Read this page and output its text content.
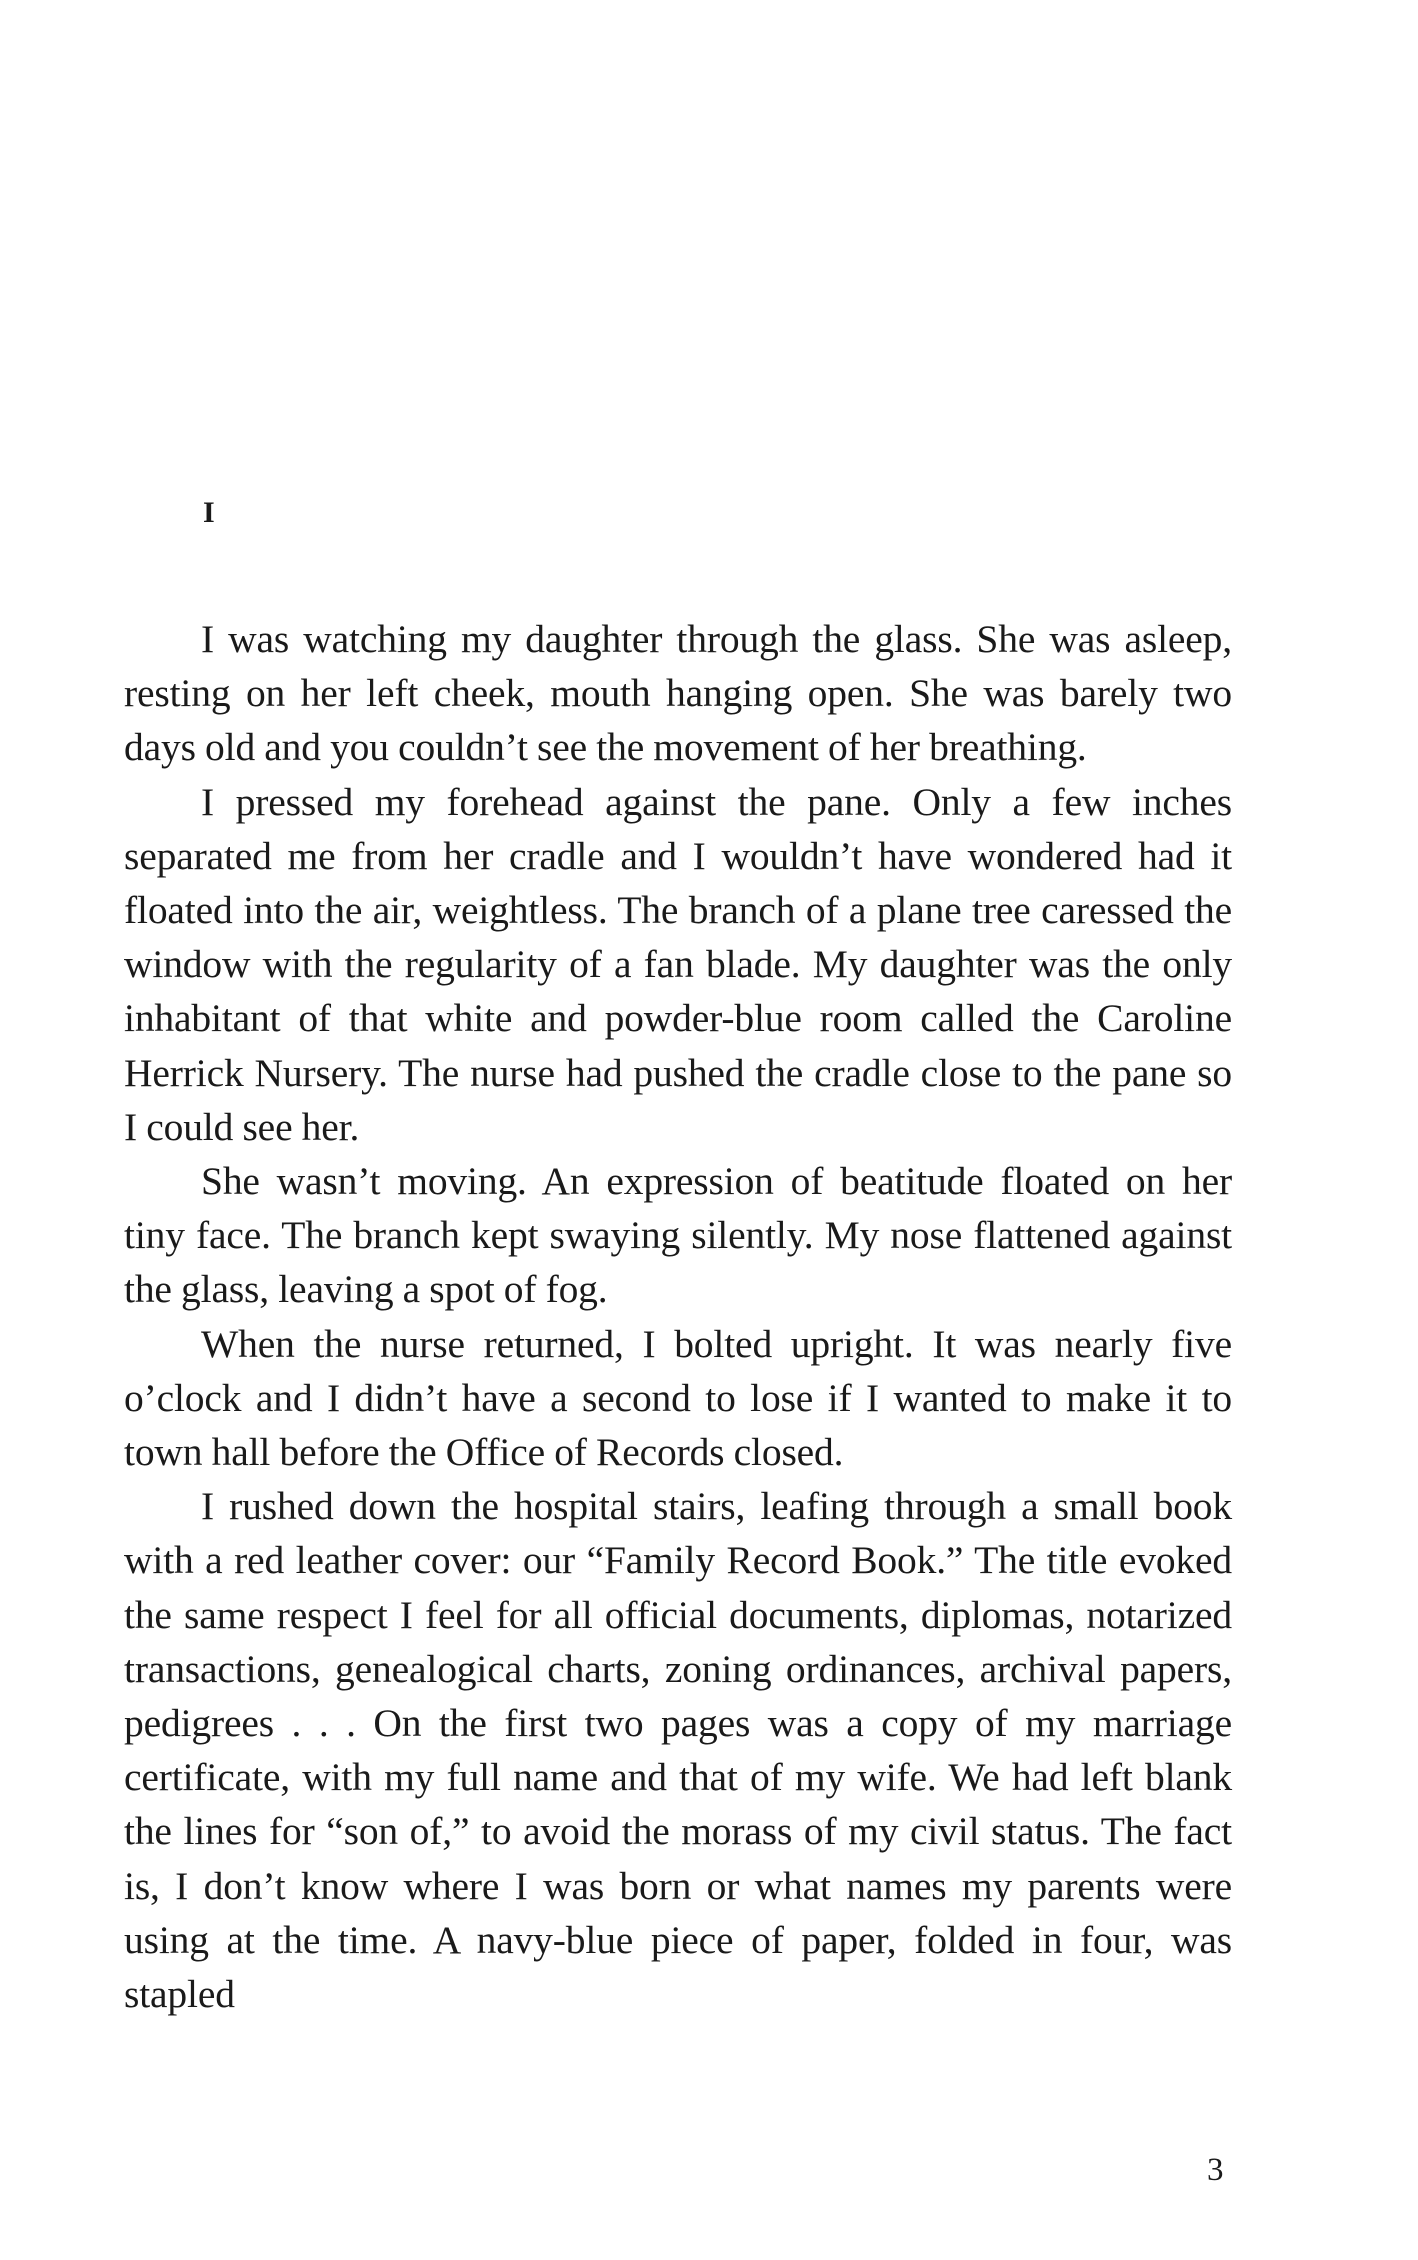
I

I was watching my daughter through the glass. She was asleep, resting on her left cheek, mouth hanging open. She was barely two days old and you couldn’t see the movement of her breathing.

I pressed my forehead against the pane. Only a few inches separated me from her cradle and I wouldn’t have wondered had it floated into the air, weightless. The branch of a plane tree caressed the window with the regularity of a fan blade. My daughter was the only inhabitant of that white and powder-blue room called the Caroline Herrick Nursery. The nurse had pushed the cradle close to the pane so I could see her.

She wasn’t moving. An expression of beatitude floated on her tiny face. The branch kept swaying silently. My nose flattened against the glass, leaving a spot of fog.

When the nurse returned, I bolted upright. It was nearly five o’clock and I didn’t have a second to lose if I wanted to make it to town hall before the Office of Records closed.

I rushed down the hospital stairs, leafing through a small book with a red leather cover: our “Family Record Book.” The title evoked the same respect I feel for all official documents, diplomas, notarized transactions, genealogical charts, zoning ordinances, archival papers, pedigrees . . . On the first two pages was a copy of my marriage certificate, with my full name and that of my wife. We had left blank the lines for “son of,” to avoid the morass of my civil status. The fact is, I don’t know where I was born or what names my parents were using at the time. A navy-blue piece of paper, folded in four, was stapled

3
